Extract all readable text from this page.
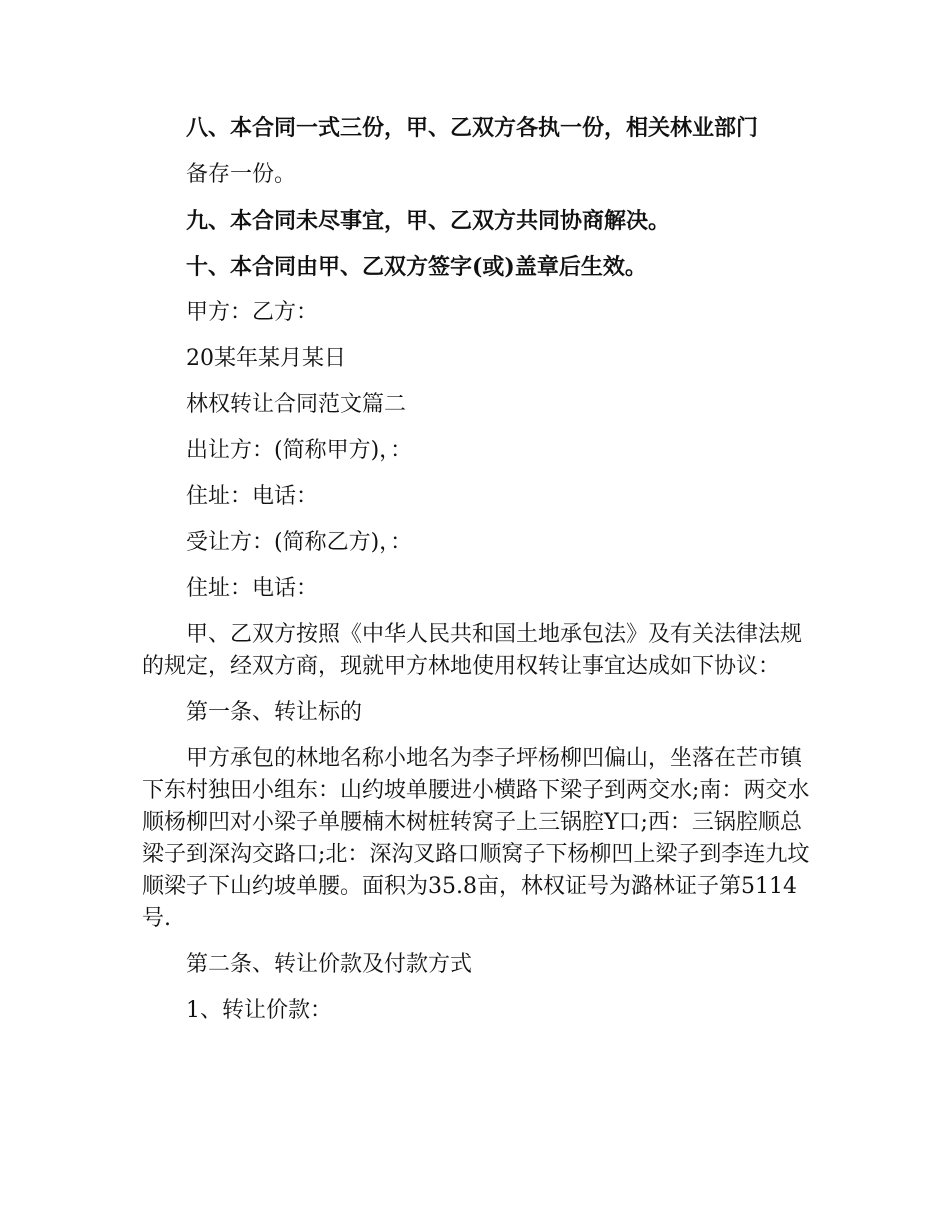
八、本合同一式三份，甲、乙双方各执一份，相关林业部门

备存一份。

九、本合同未尽事宜，甲、乙双方共同协商解决。

十、本合同由甲、乙双方签字(或)盖章后生效。

甲方：乙方：

20某年某月某日

林权转让合同范文篇二

出让方：(简称甲方)，：

住址：电话：

受让方：(简称乙方)，：

住址：电话：

甲、乙双方按照《中华人民共和国土地承包法》及有关法律法规的规定，经双方商，现就甲方林地使用权转让事宜达成如下协议：

第一条、转让标的

甲方承包的林地名称小地名为李子坪杨柳凹偏山，坐落在芒市镇下东村独田小组东：山约坡单腰进小横路下梁子到两交水;南：两交水顺杨柳凹对小梁子单腰楠木树桩转窝子上三锅腔Y口;西：三锅腔顺总梁子到深沟交路口;北：深沟叉路口顺窝子下杨柳凹上梁子到李连九坟顺梁子下山约坡单腰。面积为35.8亩，林权证号为潞林证子第5114号.

第二条、转让价款及付款方式

1、转让价款：
